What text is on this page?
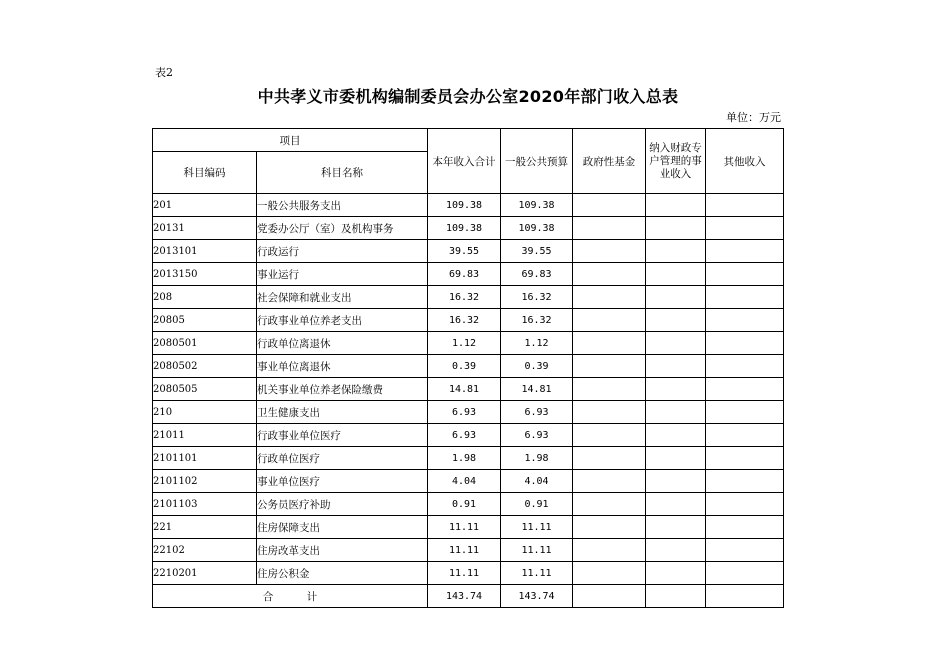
表2
中共孝义市委机构编制委员会办公室2020年部门收入总表
单位：万元
项目		本年收入合计	一般公共预算	政府性基金	纳入财政专户管理的事业收入	其他收入
科目编码	科目名称					
201	一般公共服务支出	109.38	109.38			
20131	党委办公厅（室）及机构事务	109.38	109.38			
2013101	行政运行	39.55	39.55			
2013150	事业运行	69.83	69.83			
208	社会保障和就业支出	16.32	16.32			
20805	行政事业单位养老支出	16.32	16.32			
2080501	行政单位离退休	1.12	1.12			
2080502	事业单位离退休	0.39	0.39			
2080505	机关事业单位养老保险缴费	14.81	14.81			
210	卫生健康支出	6.93	6.93			
21011	行政事业单位医疗	6.93	6.93			
2101101	行政单位医疗	1.98	1.98			
2101102	事业单位医疗	4.04	4.04			
2101103	公务员医疗补助	0.91	0.91			
221	住房保障支出	11.11	11.11			
22102	住房改革支出	11.11	11.11			
2210201	住房公积金	11.11	11.11			
合          计		143.74	143.74			
